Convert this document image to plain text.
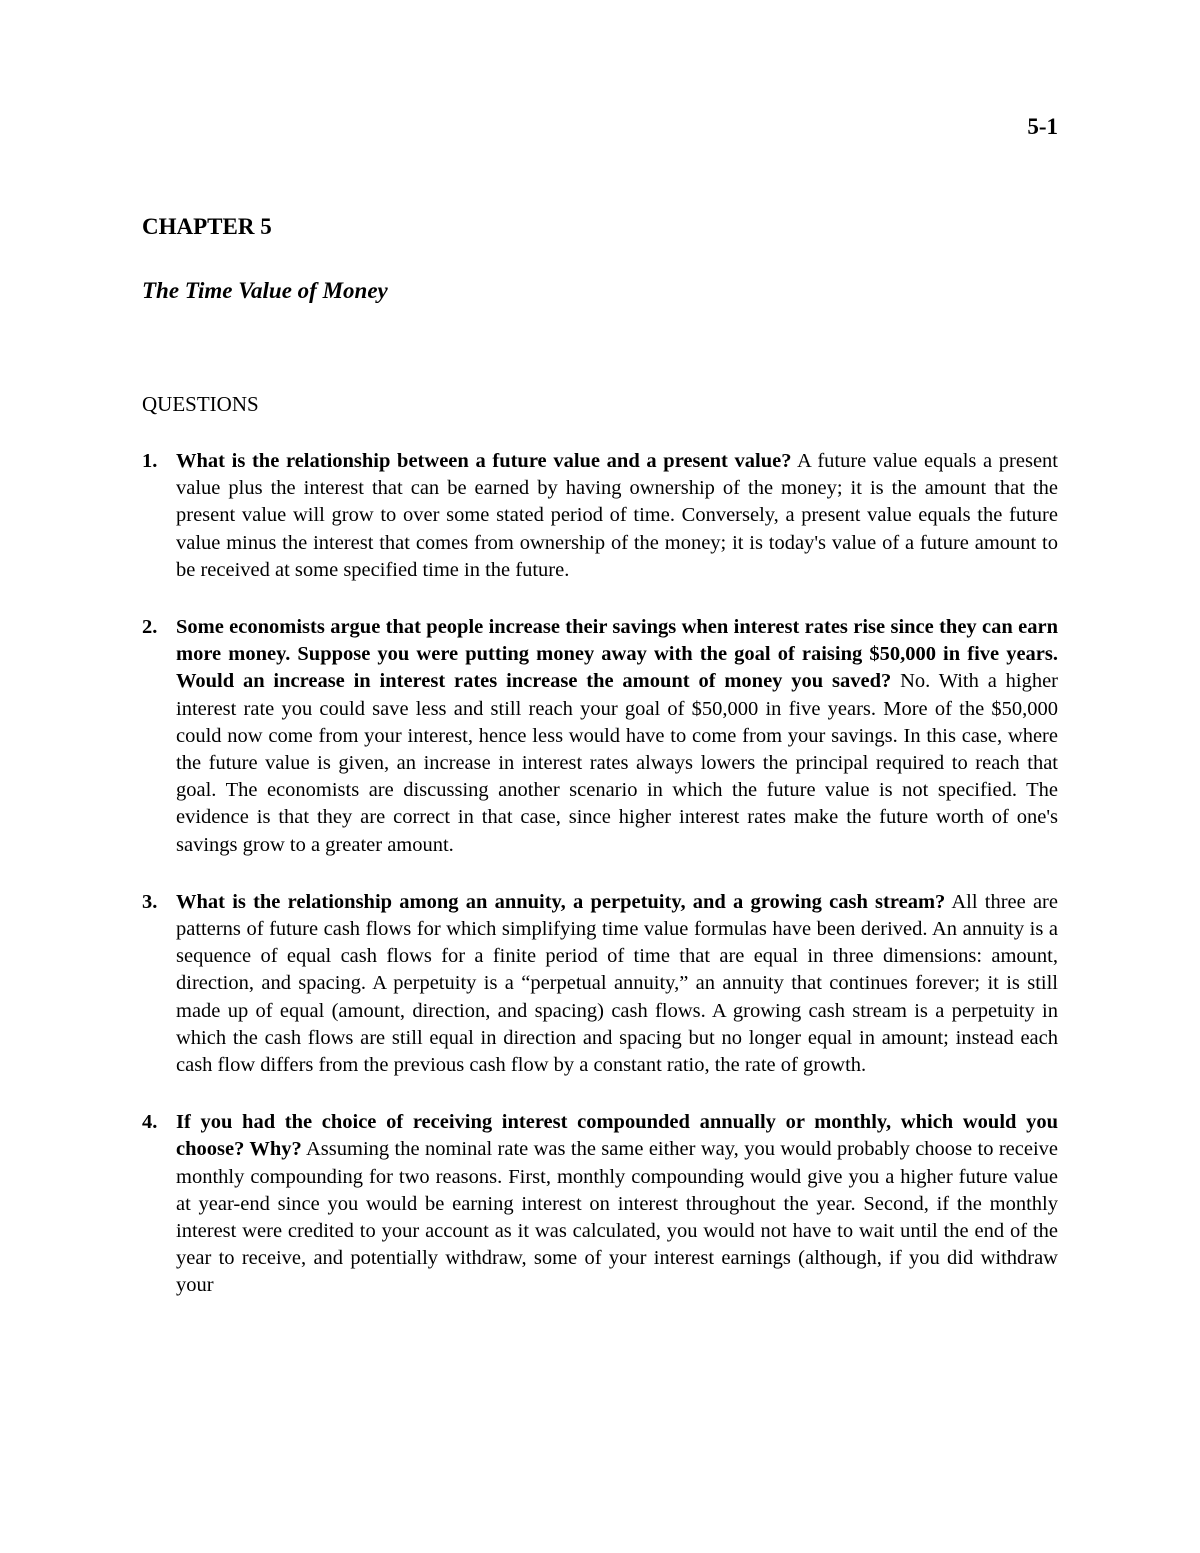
5-1
CHAPTER 5
The Time Value of Money
QUESTIONS
1. What is the relationship between a future value and a present value? A future value equals a present value plus the interest that can be earned by having ownership of the money; it is the amount that the present value will grow to over some stated period of time. Conversely, a present value equals the future value minus the interest that comes from ownership of the money; it is today's value of a future amount to be received at some specified time in the future.
2. Some economists argue that people increase their savings when interest rates rise since they can earn more money. Suppose you were putting money away with the goal of raising $50,000 in five years. Would an increase in interest rates increase the amount of money you saved? No. With a higher interest rate you could save less and still reach your goal of $50,000 in five years. More of the $50,000 could now come from your interest, hence less would have to come from your savings. In this case, where the future value is given, an increase in interest rates always lowers the principal required to reach that goal. The economists are discussing another scenario in which the future value is not specified. The evidence is that they are correct in that case, since higher interest rates make the future worth of one's savings grow to a greater amount.
3. What is the relationship among an annuity, a perpetuity, and a growing cash stream? All three are patterns of future cash flows for which simplifying time value formulas have been derived. An annuity is a sequence of equal cash flows for a finite period of time that are equal in three dimensions: amount, direction, and spacing. A perpetuity is a “perpetual annuity,” an annuity that continues forever; it is still made up of equal (amount, direction, and spacing) cash flows. A growing cash stream is a perpetuity in which the cash flows are still equal in direction and spacing but no longer equal in amount; instead each cash flow differs from the previous cash flow by a constant ratio, the rate of growth.
4. If you had the choice of receiving interest compounded annually or monthly, which would you choose? Why? Assuming the nominal rate was the same either way, you would probably choose to receive monthly compounding for two reasons. First, monthly compounding would give you a higher future value at year-end since you would be earning interest on interest throughout the year. Second, if the monthly interest were credited to your account as it was calculated, you would not have to wait until the end of the year to receive, and potentially withdraw, some of your interest earnings (although, if you did withdraw your
